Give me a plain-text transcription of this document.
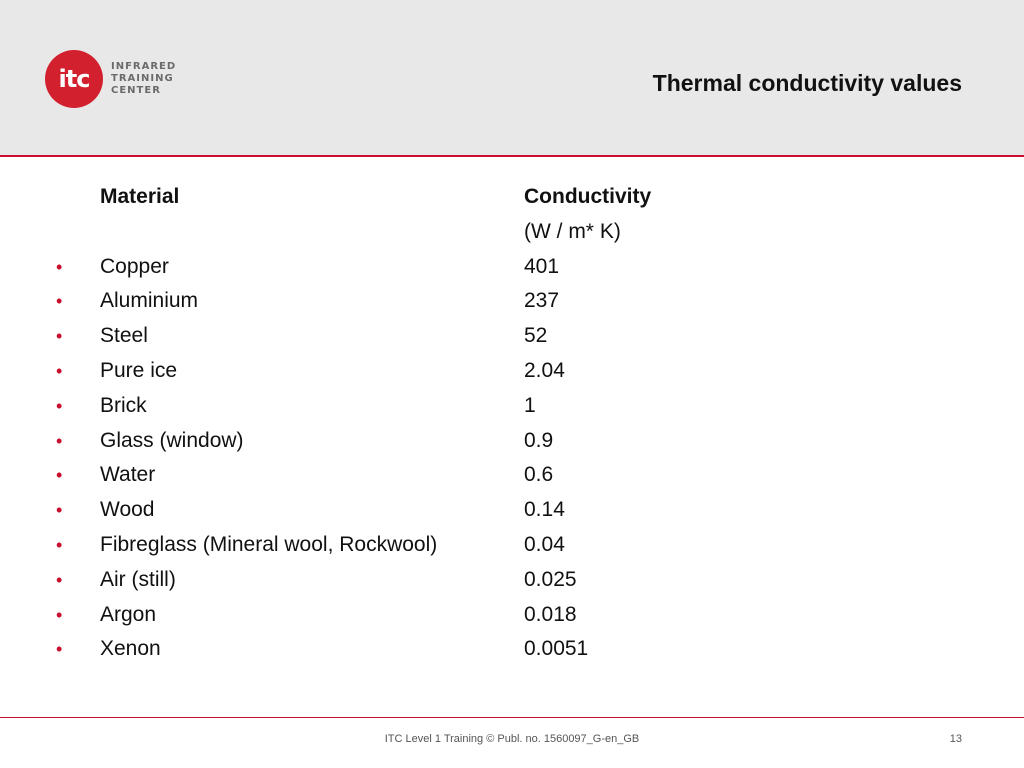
itc	INFRARED
TRAINING
CENTER	Thermal conductivity values
Material	Conductivity
(W / m* K)
•	Copper	401
•	Aluminium	237
•	Steel	52
•	Pure ice	2.04
•	Brick	1
•	Glass (window)	0.9
•	Water	0.6
•	Wood	0.14
•	Fibreglass (Mineral wool, Rockwool)	0.04
•	Air (still)	0.025
•	Argon	0.018
•	Xenon	0.0051
ITC Level 1 Training © Publ. no. 1560097_G-en_GB	13
